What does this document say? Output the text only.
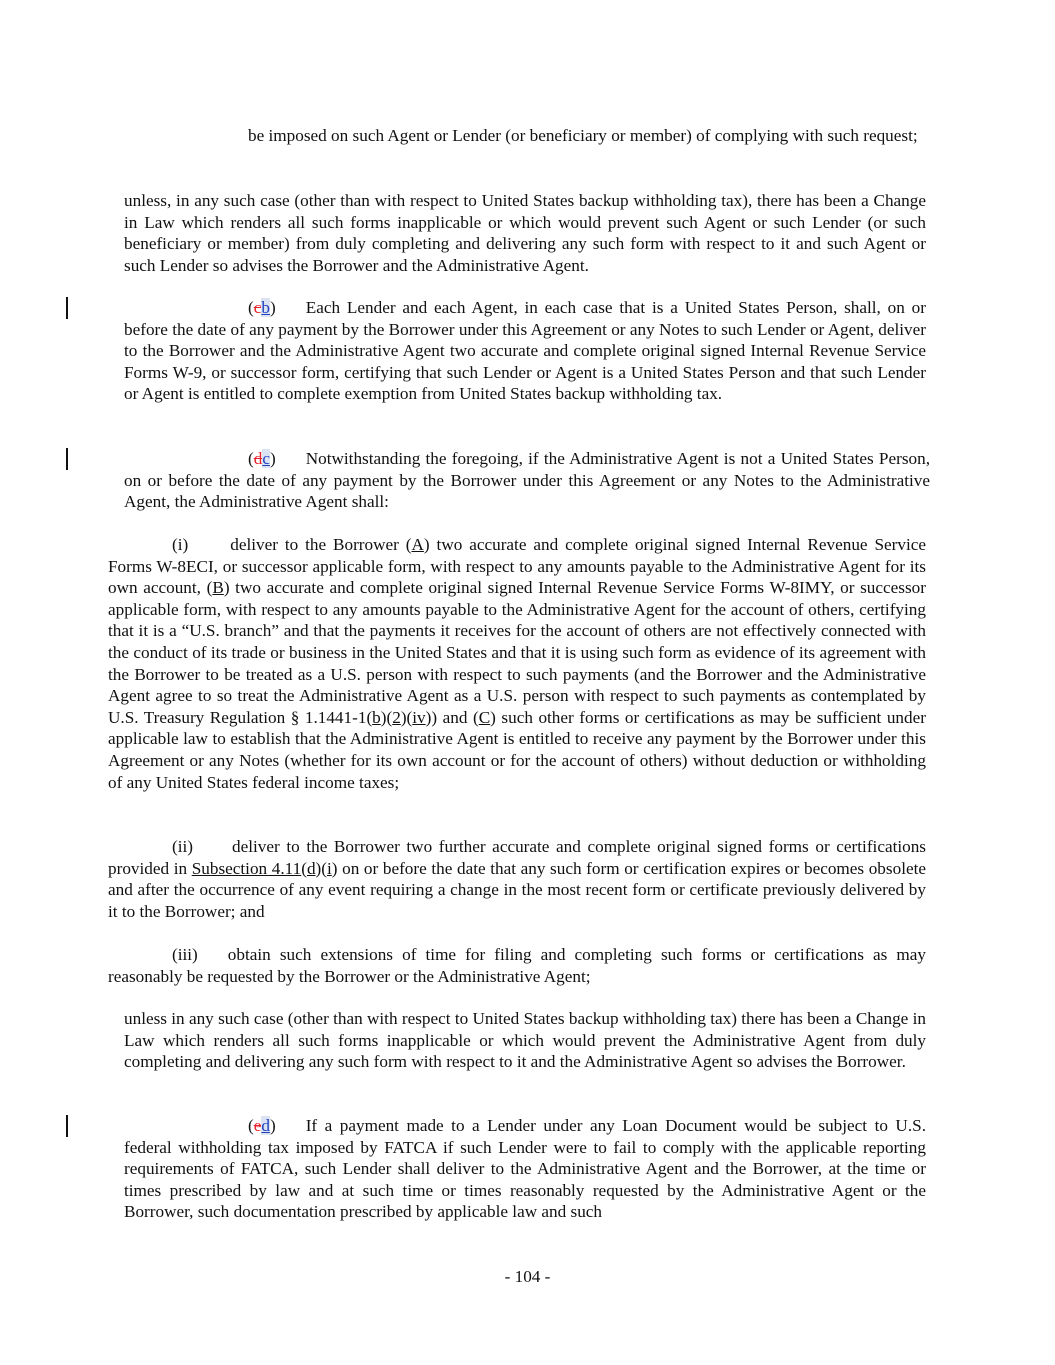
be imposed on such Agent or Lender (or beneficiary or member) of complying with such request;

unless, in any such case (other than with respect to United States backup withholding tax), there has been a Change in Law which renders all such forms inapplicable or which would prevent such Agent or such Lender (or such beneficiary or member) from duly completing and delivering any such form with respect to it and such Agent or such Lender so advises the Borrower and the Administrative Agent.

(cb) Each Lender and each Agent, in each case that is a United States Person, shall, on or before the date of any payment by the Borrower under this Agreement or any Notes to such Lender or Agent, deliver to the Borrower and the Administrative Agent two accurate and complete original signed Internal Revenue Service Forms W-9, or successor form, certifying that such Lender or Agent is a United States Person and that such Lender or Agent is entitled to complete exemption from United States backup withholding tax.

(dc) Notwithstanding the foregoing, if the Administrative Agent is not a United States Person, on or before the date of any payment by the Borrower under this Agreement or any Notes to the Administrative Agent, the Administrative Agent shall:

(i) deliver to the Borrower (A) two accurate and complete original signed Internal Revenue Service Forms W-8ECI, or successor applicable form, with respect to any amounts payable to the Administrative Agent for its own account, (B) two accurate and complete original signed Internal Revenue Service Forms W-8IMY, or successor applicable form, with respect to any amounts payable to the Administrative Agent for the account of others, certifying that it is a “U.S. branch” and that the payments it receives for the account of others are not effectively connected with the conduct of its trade or business in the United States and that it is using such form as evidence of its agreement with the Borrower to be treated as a U.S. person with respect to such payments (and the Borrower and the Administrative Agent agree to so treat the Administrative Agent as a U.S. person with respect to such payments as contemplated by U.S. Treasury Regulation § 1.1441-1(b)(2)(iv)) and (C) such other forms or certifications as may be sufficient under applicable law to establish that the Administrative Agent is entitled to receive any payment by the Borrower under this Agreement or any Notes (whether for its own account or for the account of others) without deduction or withholding of any United States federal income taxes;

(ii) deliver to the Borrower two further accurate and complete original signed forms or certifications provided in Subsection 4.11(d)(i) on or before the date that any such form or certification expires or becomes obsolete and after the occurrence of any event requiring a change in the most recent form or certificate previously delivered by it to the Borrower; and

(iii) obtain such extensions of time for filing and completing such forms or certifications as may reasonably be requested by the Borrower or the Administrative Agent;

unless in any such case (other than with respect to United States backup withholding tax) there has been a Change in Law which renders all such forms inapplicable or which would prevent the Administrative Agent from duly completing and delivering any such form with respect to it and the Administrative Agent so advises the Borrower.

(ed) If a payment made to a Lender under any Loan Document would be subject to U.S. federal withholding tax imposed by FATCA if such Lender were to fail to comply with the applicable reporting requirements of FATCA, such Lender shall deliver to the Administrative Agent and the Borrower, at the time or times prescribed by law and at such time or times reasonably requested by the Administrative Agent or the Borrower, such documentation prescribed by applicable law and such

- 104 -
